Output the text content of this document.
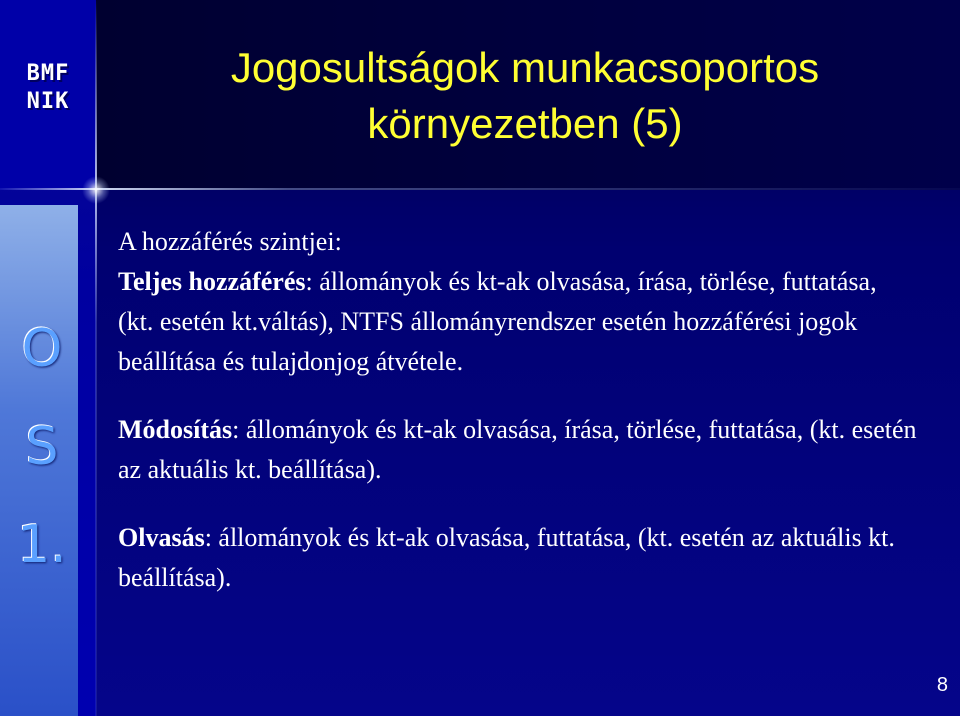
BMF
NIK
O
S
1.
Jogosultságok munkacsoportos
környezetben (5)

A hozzáférés szintjei:

Teljes hozzáférés: állományok és kt-ak olvasása, írása, törlése, futtatása, (kt. esetén kt.váltás), NTFS állományrendszer esetén hozzáférési jogok beállítása és tulajdonjog átvétele.

Módosítás: állományok és kt-ak olvasása, írása, törlése, futtatása, (kt. esetén az aktuális kt. beállítása).

Olvasás: állományok és kt-ak olvasása, futtatása, (kt. esetén az aktuális kt. beállítása).

8
